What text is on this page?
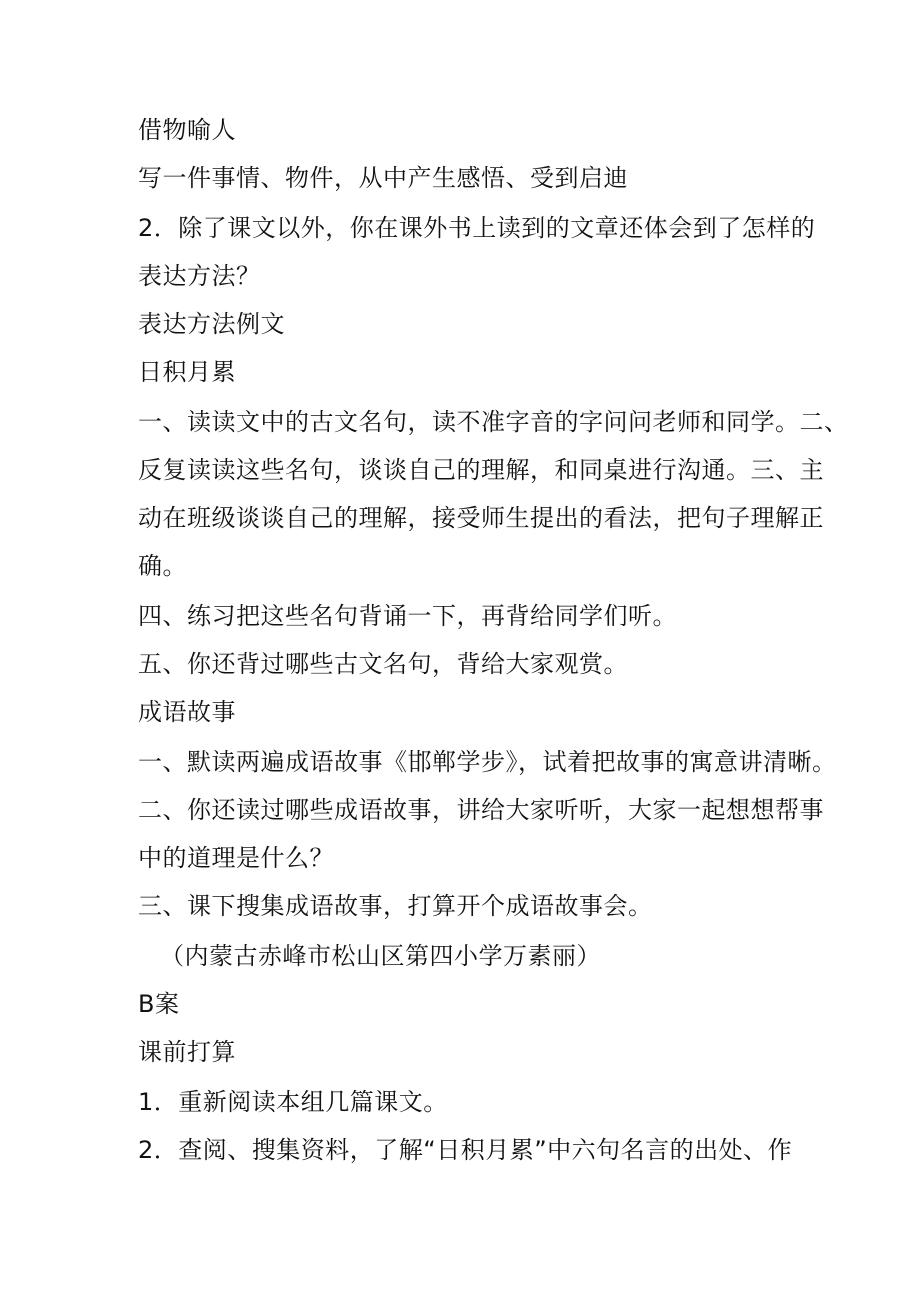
借物喻人

写一件事情、物件，从中产生感悟、受到启迪

2．除了课文以外，你在课外书上读到的文章还体会到了怎样的

表达方法？

表达方法例文

日积月累

一、读读文中的古文名句，读不准字音的字问问老师和同学。二、

反复读读这些名句，谈谈自己的理解，和同桌进行沟通。三、主

动在班级谈谈自己的理解，接受师生提出的看法，把句子理解正

确。

四、练习把这些名句背诵一下，再背给同学们听。

五、你还背过哪些古文名句，背给大家观赏。

成语故事

一、默读两遍成语故事《邯郸学步》，试着把故事的寓意讲清晰。

二、你还读过哪些成语故事，讲给大家听听，大家一起想想帮事

中的道理是什么？

三、课下搜集成语故事，打算开个成语故事会。

（内蒙古赤峰市松山区第四小学万素丽）

B案

课前打算

1．重新阅读本组几篇课文。

2．查阅、搜集资料，了解“日积月累”中六句名言的出处、作
